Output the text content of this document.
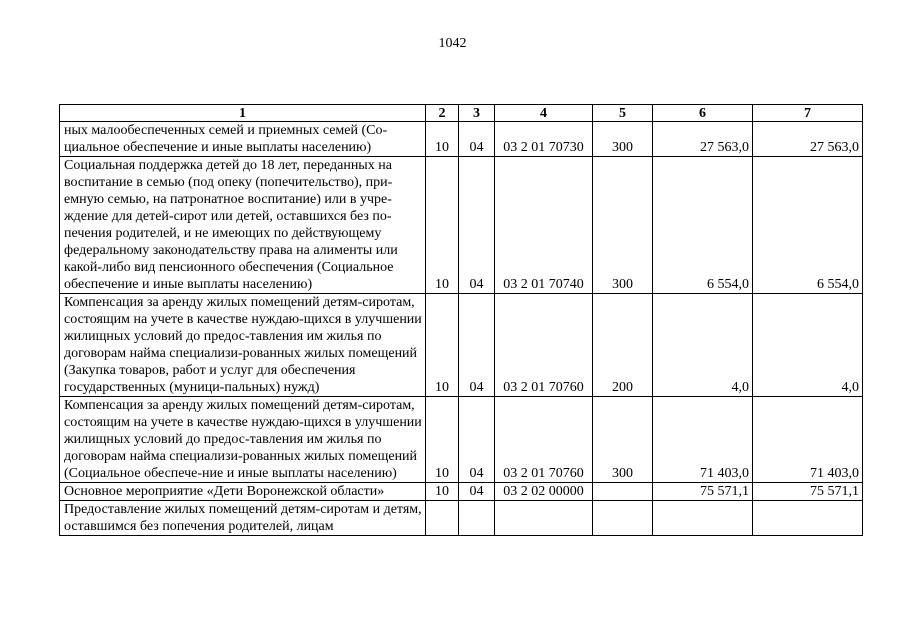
1042
1	2	3	4	5	6	7
ных малообеспеченных семей и приемных семей (Со-циальное обеспечение и иные выплаты населению)	10	04	03 2 01 70730	300	27 563,0	27 563,0
Социальная поддержка детей до 18 лет, переданных на воспитание в семью (под опеку (попечительство), при-емную семью, на патронатное воспитание) или в учре-ждение для детей-сирот или детей, оставшихся без по-печения родителей, и не имеющих по действующему федеральному законодательству права на алименты или какой-либо вид пенсионного обеспечения (Социальное обеспечение и иные выплаты населению)	10	04	03 2 01 70740	300	6 554,0	6 554,0
Компенсация за аренду жилых помещений детям-сиротам, состоящим на учете в качестве нуждаю-щихся в улучшении жилищных условий до предос-тавления им жилья по договорам найма специализи-рованных жилых помещений (Закупка товаров, работ и услуг для обеспечения государственных (муници-пальных) нужд)	10	04	03 2 01 70760	200	4,0	4,0
Компенсация за аренду жилых помещений детям-сиротам, состоящим на учете в качестве нуждаю-щихся в улучшении жилищных условий до предос-тавления им жилья по договорам найма специализи-рованных жилых помещений (Социальное обеспече-ние и иные выплаты населению)	10	04	03 2 01 70760	300	71 403,0	71 403,0
Основное мероприятие «Дети Воронежской области»	10	04	03 2 02 00000		75 571,1	75 571,1
Предоставление жилых помещений детям-сиротам и детям, оставшимся без попечения родителей, лицам						
